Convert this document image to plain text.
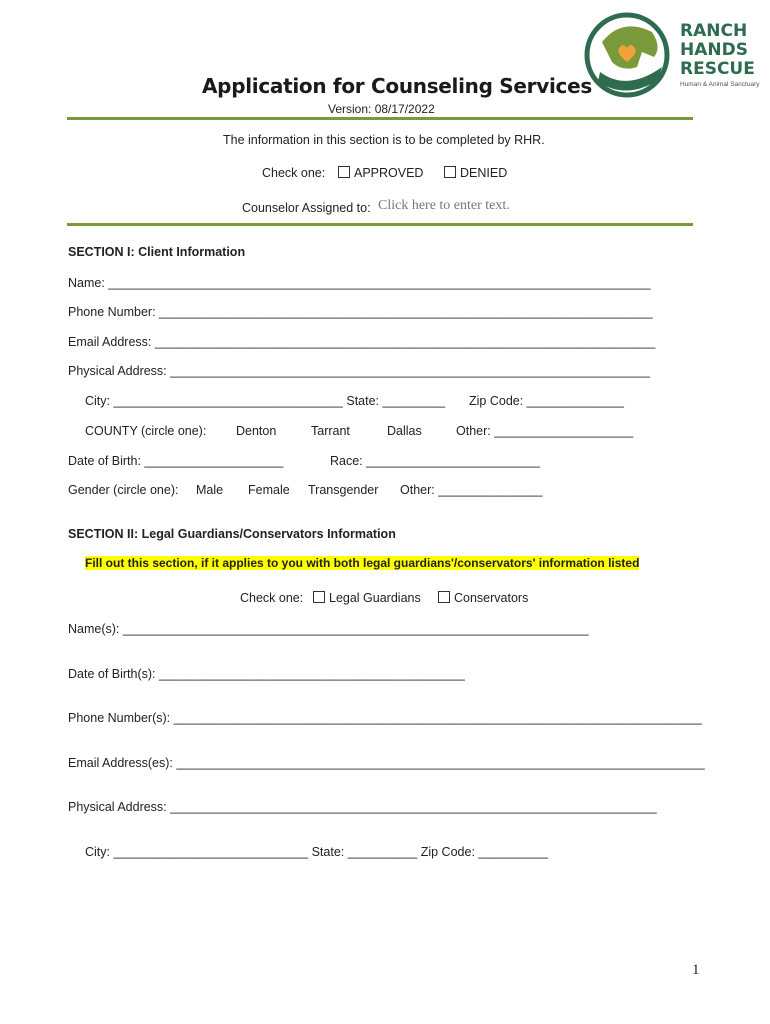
RANCH
HANDS
RESCUE
Human & Animal Sanctuary
Application for Counseling Services
Version: 08/17/2022
The information in this section is to be completed by RHR.
Check one:	APPROVED	DENIED
Counselor Assigned to: Click here to enter text.
SECTION I: Client Information
Name: ______________________________________________________________________________
Phone Number: _______________________________________________________________________
Email Address: ________________________________________________________________________
Physical Address: _____________________________________________________________________
City: _________________________________ State: _________ Zip Code: ______________
COUNTY (circle one): Denton	Tarrant	Dallas	Other: ____________________
Date of Birth: ____________________	Race: _________________________
Gender (circle one): Male Female Transgender Other: _______________
SECTION II: Legal Guardians/Conservators Information
Fill out this section, if it applies to you with both legal guardians'/conservators' information listed
Check one:	Legal Guardians	Conservators
Name(s): ___________________________________________________________________
Date of Birth(s): ____________________________________________
Phone Number(s): ____________________________________________________________________________
Email Address(es): ____________________________________________________________________________
Physical Address: ______________________________________________________________________
City: ____________________________ State: __________ Zip Code: __________
1
